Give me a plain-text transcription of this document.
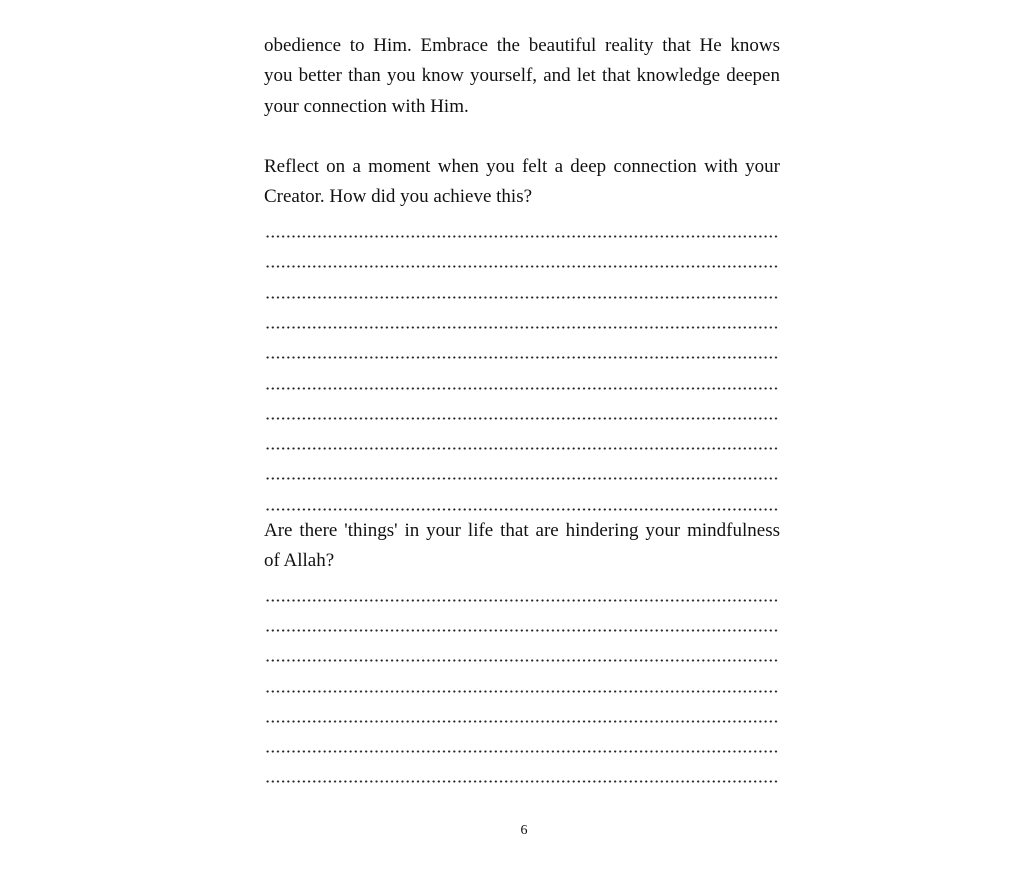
obedience to Him. Embrace the beautiful reality that He knows
you better than you know yourself, and let that knowledge deepen
your connection with Him.
Reflect on a moment when you felt a deep connection with your
Creator. How did you achieve this?
Are there 'things' in your life that are hindering your mindfulness
of Allah?
6
